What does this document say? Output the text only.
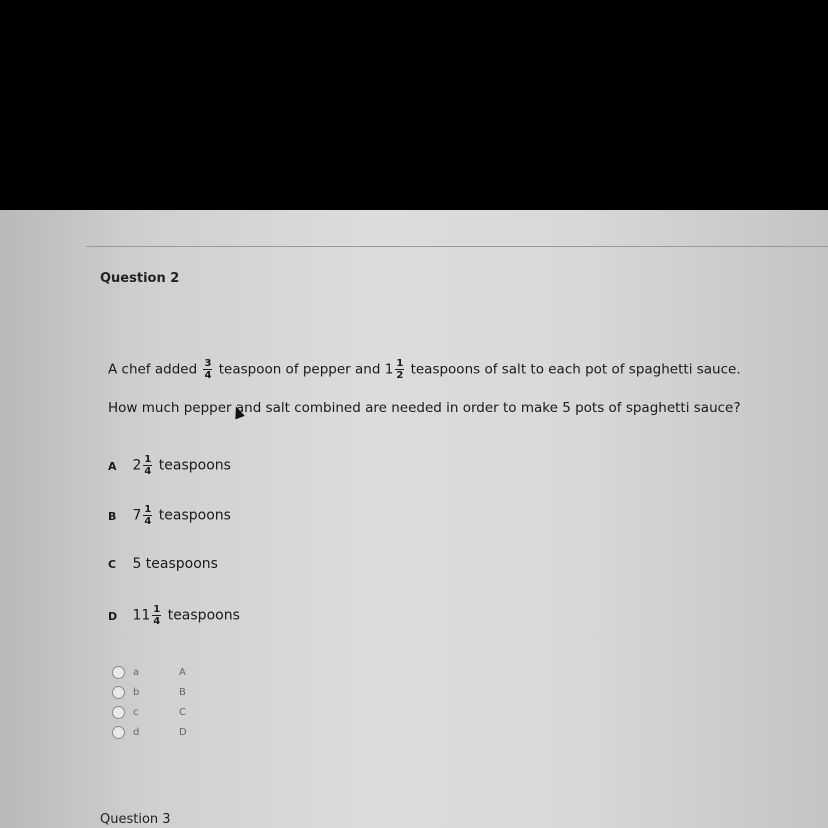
Question 2
A chef added $\frac{3}{4}$ teaspoon of pepper and $1 \frac{1}{2}$ teaspoons of salt to each pot of spaghetti sauce.
How much pepper and salt combined are needed in order to make 5 pots of spaghetti sauce?
A $2 \frac{1}{4}$ teaspoons
B $7 \frac{1}{4}$ teaspoons
C 5 teaspoons
D $11 \frac{1}{4}$ teaspoons
a	A
b	B
c	C
d	D
Question 3
